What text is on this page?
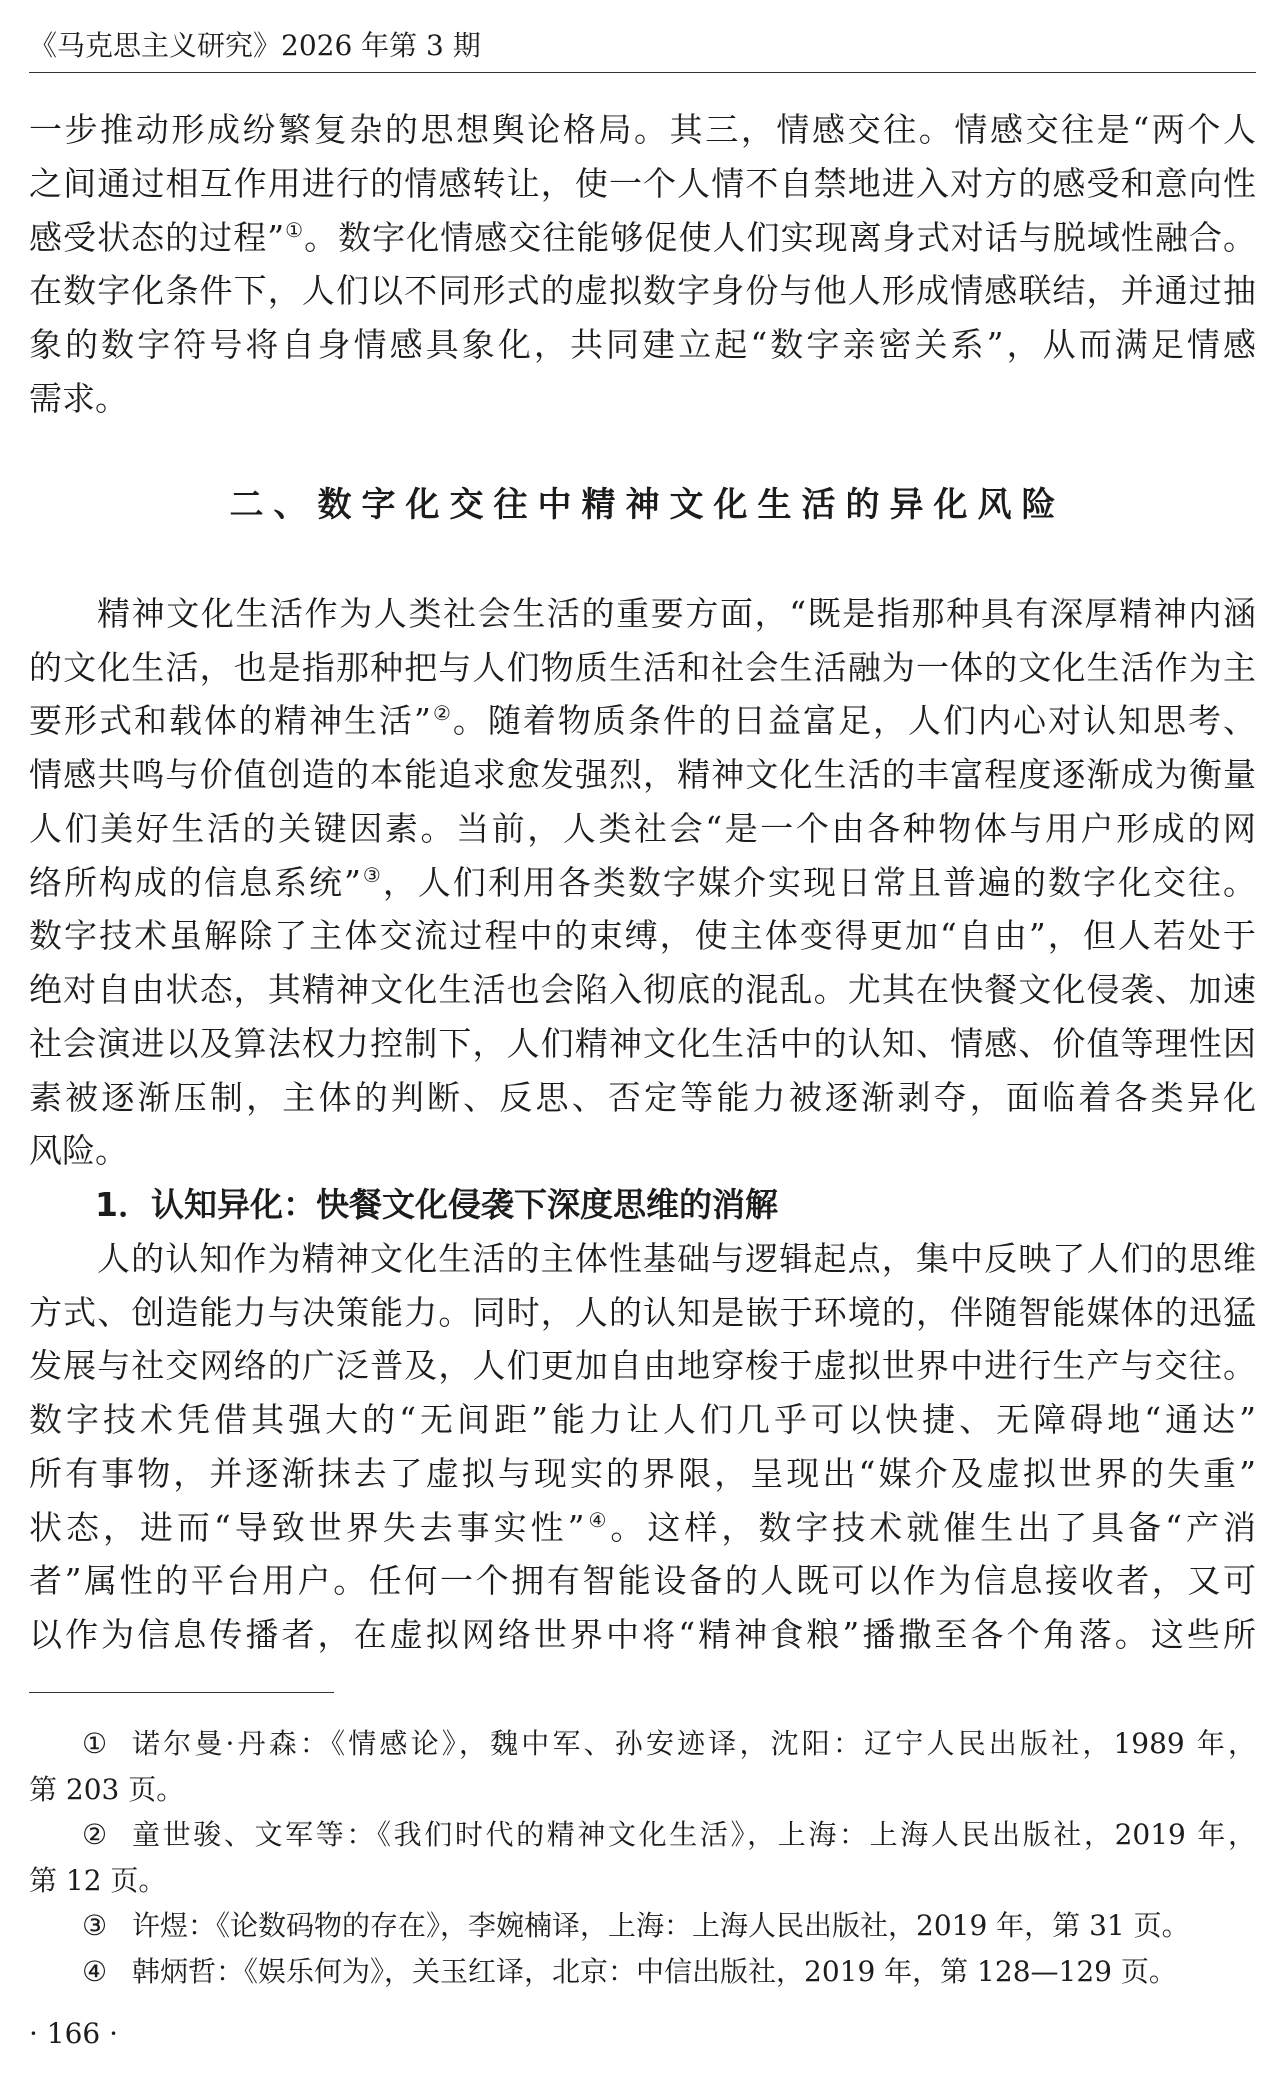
《马克思主义研究》2026 年第 3 期
一步推动形成纷繁复杂的思想舆论格局。其三，情感交往。情感交往是“两个人
之间通过相互作用进行的情感转让，使一个人情不自禁地进入对方的感受和意向性
感受状态的过程”①。数字化情感交往能够促使人们实现离身式对话与脱域性融合。
在数字化条件下，人们以不同形式的虚拟数字身份与他人形成情感联结，并通过抽
象的数字符号将自身情感具象化，共同建立起“数字亲密关系”，从而满足情感
需求。
二、数字化交往中精神文化生活的异化风险
精神文化生活作为人类社会生活的重要方面，“既是指那种具有深厚精神内涵
的文化生活，也是指那种把与人们物质生活和社会生活融为一体的文化生活作为主
要形式和载体的精神生活”②。随着物质条件的日益富足，人们内心对认知思考、
情感共鸣与价值创造的本能追求愈发强烈，精神文化生活的丰富程度逐渐成为衡量
人们美好生活的关键因素。当前，人类社会“是一个由各种物体与用户形成的网
络所构成的信息系统”③，人们利用各类数字媒介实现日常且普遍的数字化交往。
数字技术虽解除了主体交流过程中的束缚，使主体变得更加“自由”，但人若处于
绝对自由状态，其精神文化生活也会陷入彻底的混乱。尤其在快餐文化侵袭、加速
社会演进以及算法权力控制下，人们精神文化生活中的认知、情感、价值等理性因
素被逐渐压制，主体的判断、反思、否定等能力被逐渐剥夺，面临着各类异化
风险。
1．认知异化：快餐文化侵袭下深度思维的消解
人的认知作为精神文化生活的主体性基础与逻辑起点，集中反映了人们的思维
方式、创造能力与决策能力。同时，人的认知是嵌于环境的，伴随智能媒体的迅猛
发展与社交网络的广泛普及，人们更加自由地穿梭于虚拟世界中进行生产与交往。
数字技术凭借其强大的“无间距”能力让人们几乎可以快捷、无障碍地“通达”
所有事物，并逐渐抹去了虚拟与现实的界限，呈现出“媒介及虚拟世界的失重”
状态，进而“导致世界失去事实性”④。这样，数字技术就催生出了具备“产消
者”属性的平台用户。任何一个拥有智能设备的人既可以作为信息接收者，又可
以作为信息传播者，在虚拟网络世界中将“精神食粮”播撒至各个角落。这些所
① 诺尔曼·丹森：《情感论》，魏中军、孙安迹译，沈阳：辽宁人民出版社，1989 年，
第 203 页。
② 童世骏、文军等：《我们时代的精神文化生活》，上海：上海人民出版社，2019 年，
第 12 页。
③ 许煜：《论数码物的存在》，李婉楠译，上海：上海人民出版社，2019 年，第 31 页。
④ 韩炳哲：《娱乐何为》，关玉红译，北京：中信出版社，2019 年，第 128—129 页。
· 166 ·
